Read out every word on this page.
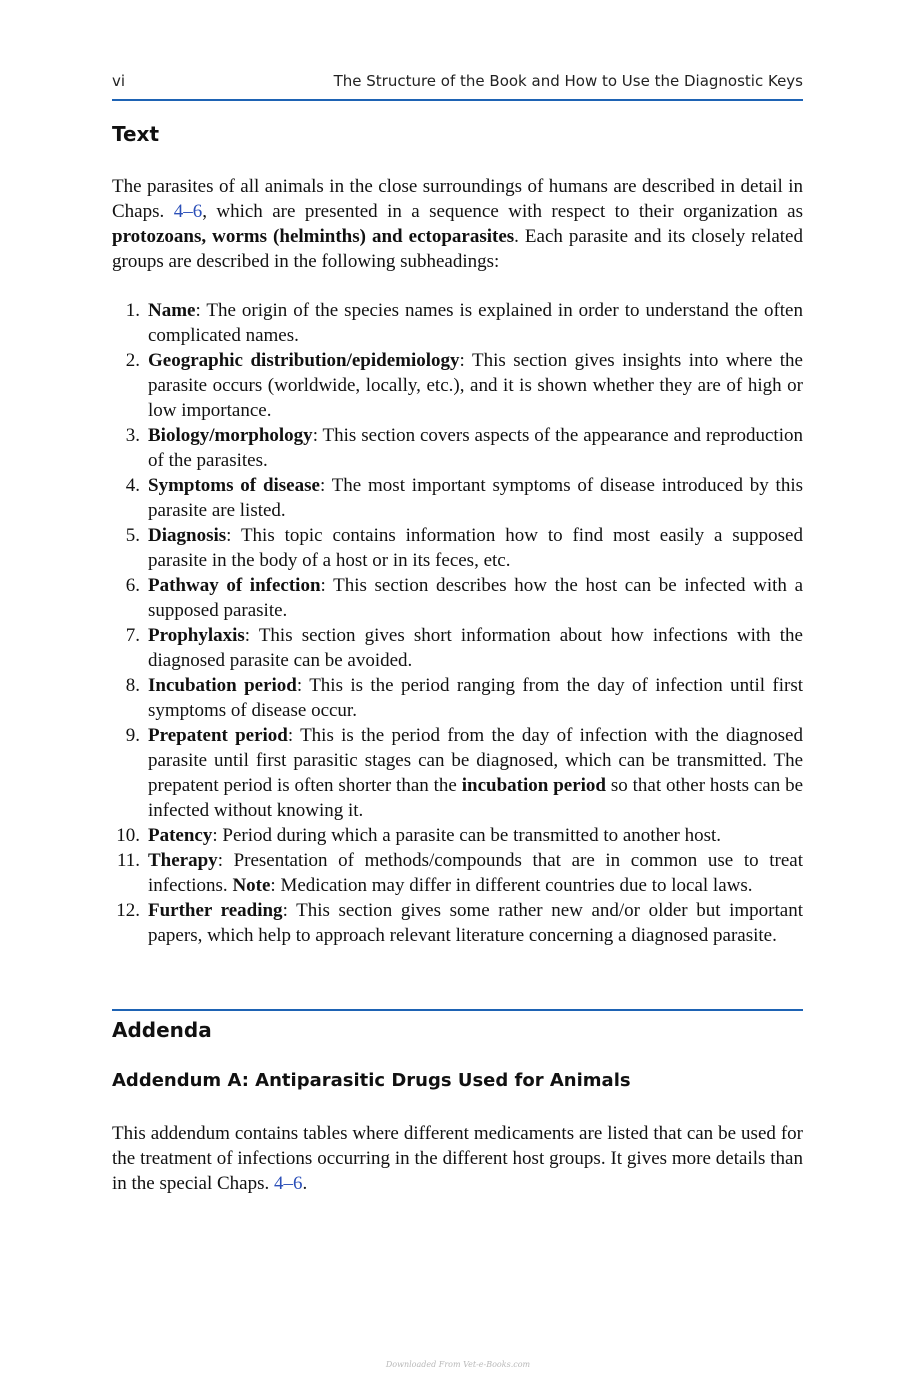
vi	The Structure of the Book and How to Use the Diagnostic Keys
Text

The parasites of all animals in the close surroundings of humans are described in detail in Chaps. 4–6, which are presented in a sequence with respect to their organization as protozoans, worms (helminths) and ectoparasites. Each parasite and its closely related groups are described in the following subheadings:

1. Name: The origin of the species names is explained in order to understand the often complicated names.
2. Geographic distribution/epidemiology: This section gives insights into where the parasite occurs (worldwide, locally, etc.), and it is shown whether they are of high or low importance.
3. Biology/morphology: This section covers aspects of the appearance and reproduction of the parasites.
4. Symptoms of disease: The most important symptoms of disease introduced by this parasite are listed.
5. Diagnosis: This topic contains information how to find most easily a supposed parasite in the body of a host or in its feces, etc.
6. Pathway of infection: This section describes how the host can be infected with a supposed parasite.
7. Prophylaxis: This section gives short information about how infections with the diagnosed parasite can be avoided.
8. Incubation period: This is the period ranging from the day of infection until first symptoms of disease occur.
9. Prepatent period: This is the period from the day of infection with the diagnosed parasite until first parasitic stages can be diagnosed, which can be transmitted. The prepatent period is often shorter than the incubation period so that other hosts can be infected without knowing it.
10. Patency: Period during which a parasite can be transmitted to another host.
11. Therapy: Presentation of methods/compounds that are in common use to treat infections. Note: Medication may differ in different countries due to local laws.
12. Further reading: This section gives some rather new and/or older but important papers, which help to approach relevant literature concerning a diagnosed parasite.
Addenda
Addendum A: Antiparasitic Drugs Used for Animals

This addendum contains tables where different medicaments are listed that can be used for the treatment of infections occurring in the different host groups. It gives more details than in the special Chaps. 4–6.

Downloaded From Vet-e-Books.com
